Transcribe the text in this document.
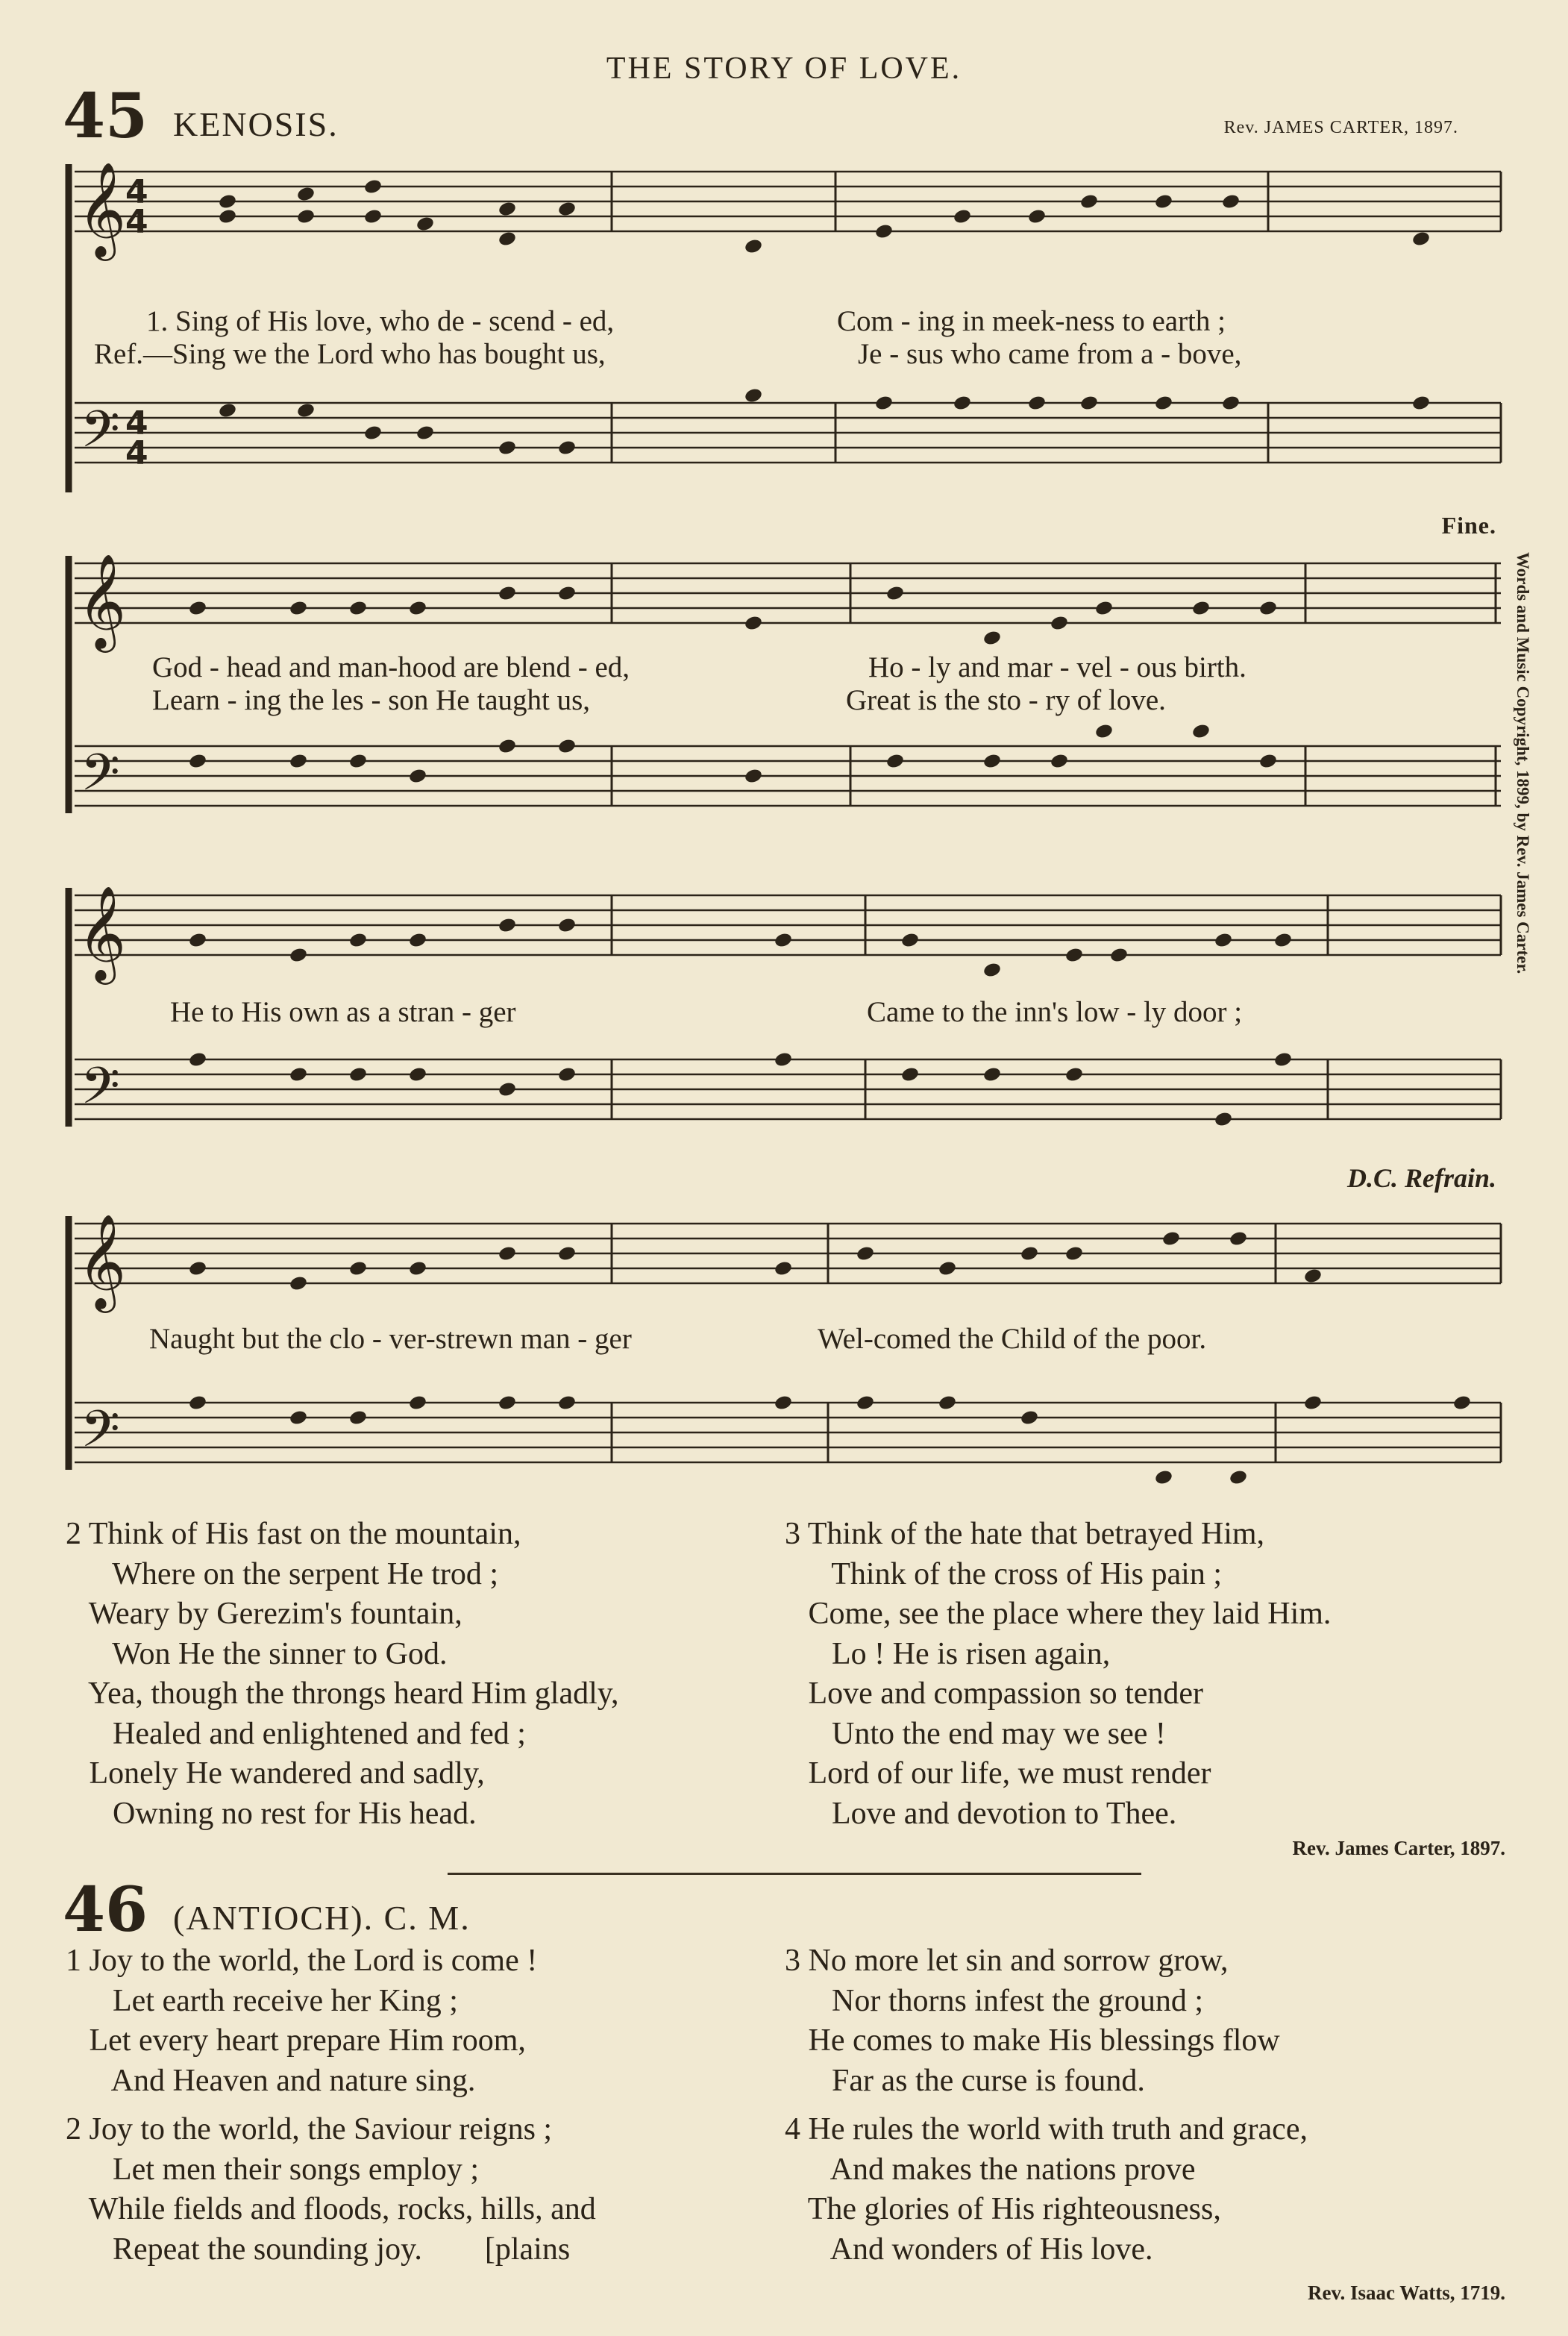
THE STORY OF LOVE.
45 KENOSIS.	Rev. JAMES CARTER, 1897.
𝄞
𝄢
𝄞
𝄢
𝄞
𝄢
𝄞
𝄢
4
4
4
4
1. Sing of His love, who de - scend - ed,	Com - ing in meek-ness to earth ;
Ref.—Sing we the Lord who has bought us,	Je - sus who came from a - bove,
Fine.
God - head and man-hood are blend - ed,	Ho - ly and mar - vel - ous birth.
Learn - ing the les - son He taught us,	Great is the sto - ry of love.
He to His own as a stran - ger	Came to the inn's low - ly door ;
D.C. Refrain.
Naught but the clo - ver-strewn man - ger	Wel-comed the Child of the poor.
Words and Music Copyright, 1899, by Rev. James Carter.
2 Think of His fast on the mountain,
Where on the serpent He trod ;
Weary by Gerezim's fountain,
Won He the sinner to God.
Yea, though the throngs heard Him gladly,
Healed and enlightened and fed ;
Lonely He wandered and sadly,
Owning no rest for His head.
3 Think of the hate that betrayed Him,
Think of the cross of His pain ;
Come, see the place where they laid Him.
Lo ! He is risen again,
Love and compassion so tender
Unto the end may we see !
Lord of our life, we must render
Love and devotion to Thee.
Rev. James Carter, 1897.
46 (ANTIOCH). C. M.
1 Joy to the world, the Lord is come !
Let earth receive her King ;
Let every heart prepare Him room,
And Heaven and nature sing.
2 Joy to the world, the Saviour reigns ;
Let men their songs employ ;
While fields and floods, rocks, hills, and
Repeat the sounding joy.        [plains
3 No more let sin and sorrow grow,
Nor thorns infest the ground ;
He comes to make His blessings flow
Far as the curse is found.
4 He rules the world with truth and grace,
And makes the nations prove
The glories of His righteousness,
And wonders of His love.
Rev. Isaac Watts, 1719.
